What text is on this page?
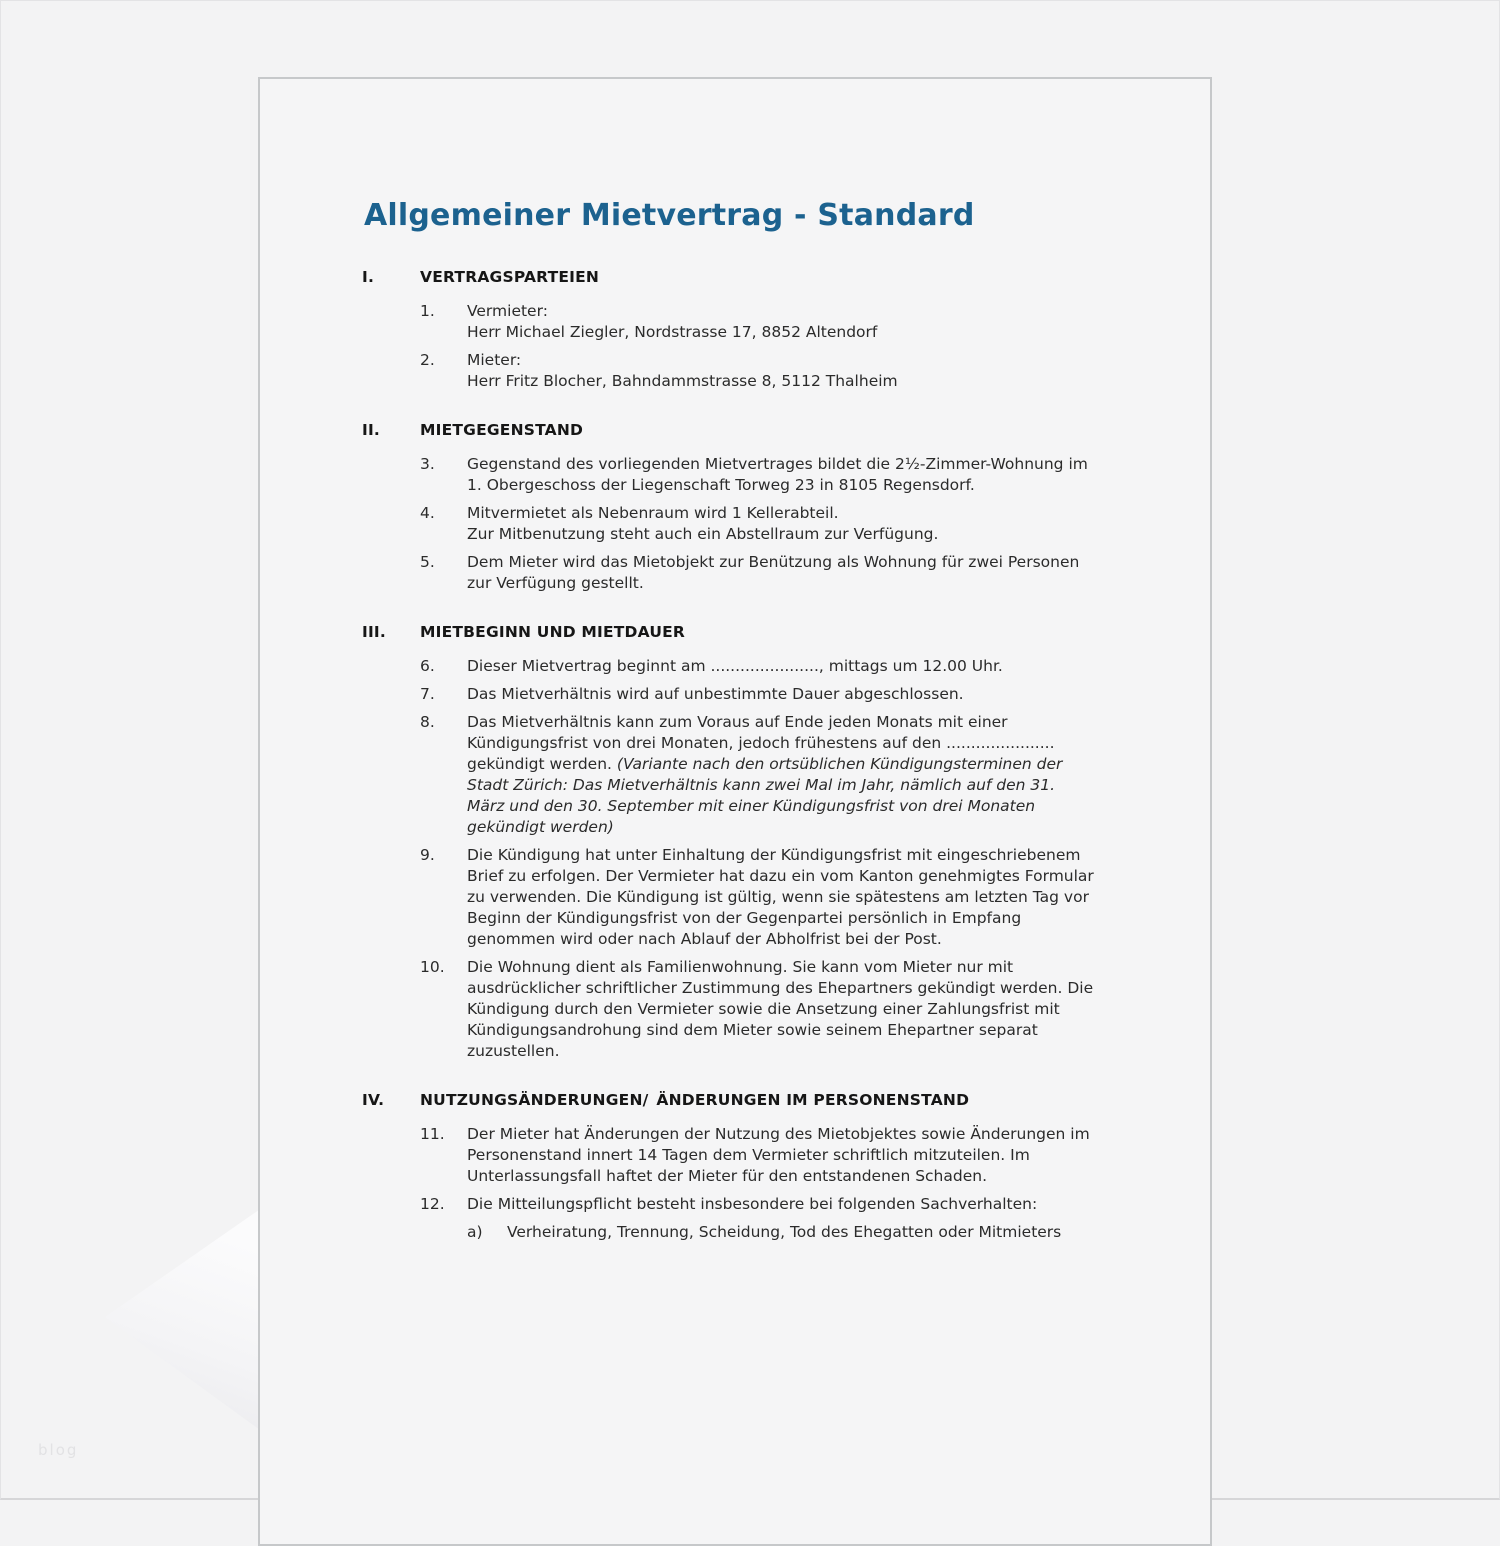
blog
Allgemeiner Mietvertrag - Standard
I.	VERTRAGSPARTEIEN
1.	Vermieter:
Herr Michael Ziegler, Nordstrasse 17, 8852 Altendorf
2.	Mieter:
Herr Fritz Blocher, Bahndammstrasse 8, 5112 Thalheim
II.	MIETGEGENSTAND
3.	Gegenstand des vorliegenden Mietvertrages bildet die 2½-Zimmer-Wohnung im
1. Obergeschoss der Liegenschaft Torweg 23 in 8105 Regensdorf.
4.	Mitvermietet als Nebenraum wird 1 Kellerabteil.
Zur Mitbenutzung steht auch ein Abstellraum zur Verfügung.
5.	Dem Mieter wird das Mietobjekt zur Benützung als Wohnung für zwei Personen zur Verfügung gestellt.
III.	MIETBEGINN UND MIETDAUER
6.	Dieser Mietvertrag beginnt am ......................, mittags um 12.00 Uhr.
7.	Das Mietverhältnis wird auf unbestimmte Dauer abgeschlossen.
8.	Das Mietverhältnis kann zum Voraus auf Ende jeden Monats mit einer Kündigungsfrist von drei Monaten, jedoch frühestens auf den ...................... gekündigt werden. (Variante nach den ortsüblichen Kündigungsterminen der Stadt Zürich: Das Mietverhältnis kann zwei Mal im Jahr, nämlich auf den 31. März und den 30. September mit einer Kündigungsfrist von drei Monaten gekündigt werden)
9.	Die Kündigung hat unter Einhaltung der Kündigungsfrist mit eingeschriebenem Brief zu erfolgen. Der Vermieter hat dazu ein vom Kanton genehmigtes Formular zu verwenden. Die Kündigung ist gültig, wenn sie spätestens am letzten Tag vor Beginn der Kündigungsfrist von der Gegenpartei persönlich in Empfang genommen wird oder nach Ablauf der Abholfrist bei der Post.
10.	Die Wohnung dient als Familienwohnung. Sie kann vom Mieter nur mit ausdrücklicher schriftlicher Zustimmung des Ehepartners gekündigt werden. Die Kündigung durch den Vermieter sowie die Ansetzung einer Zahlungsfrist mit Kündigungsandrohung sind dem Mieter sowie seinem Ehepartner separat zuzustellen.
IV.	NUTZUNGSÄNDERUNGEN/ ÄNDERUNGEN IM PERSONENSTAND
11.	Der Mieter hat Änderungen der Nutzung des Mietobjektes sowie Änderungen im Personenstand innert 14 Tagen dem Vermieter schriftlich mitzuteilen. Im Unterlassungsfall haftet der Mieter für den entstandenen Schaden.
12.	Die Mitteilungspflicht besteht insbesondere bei folgenden Sachverhalten:
a)	Verheiratung, Trennung, Scheidung, Tod des Ehegatten oder Mitmieters
